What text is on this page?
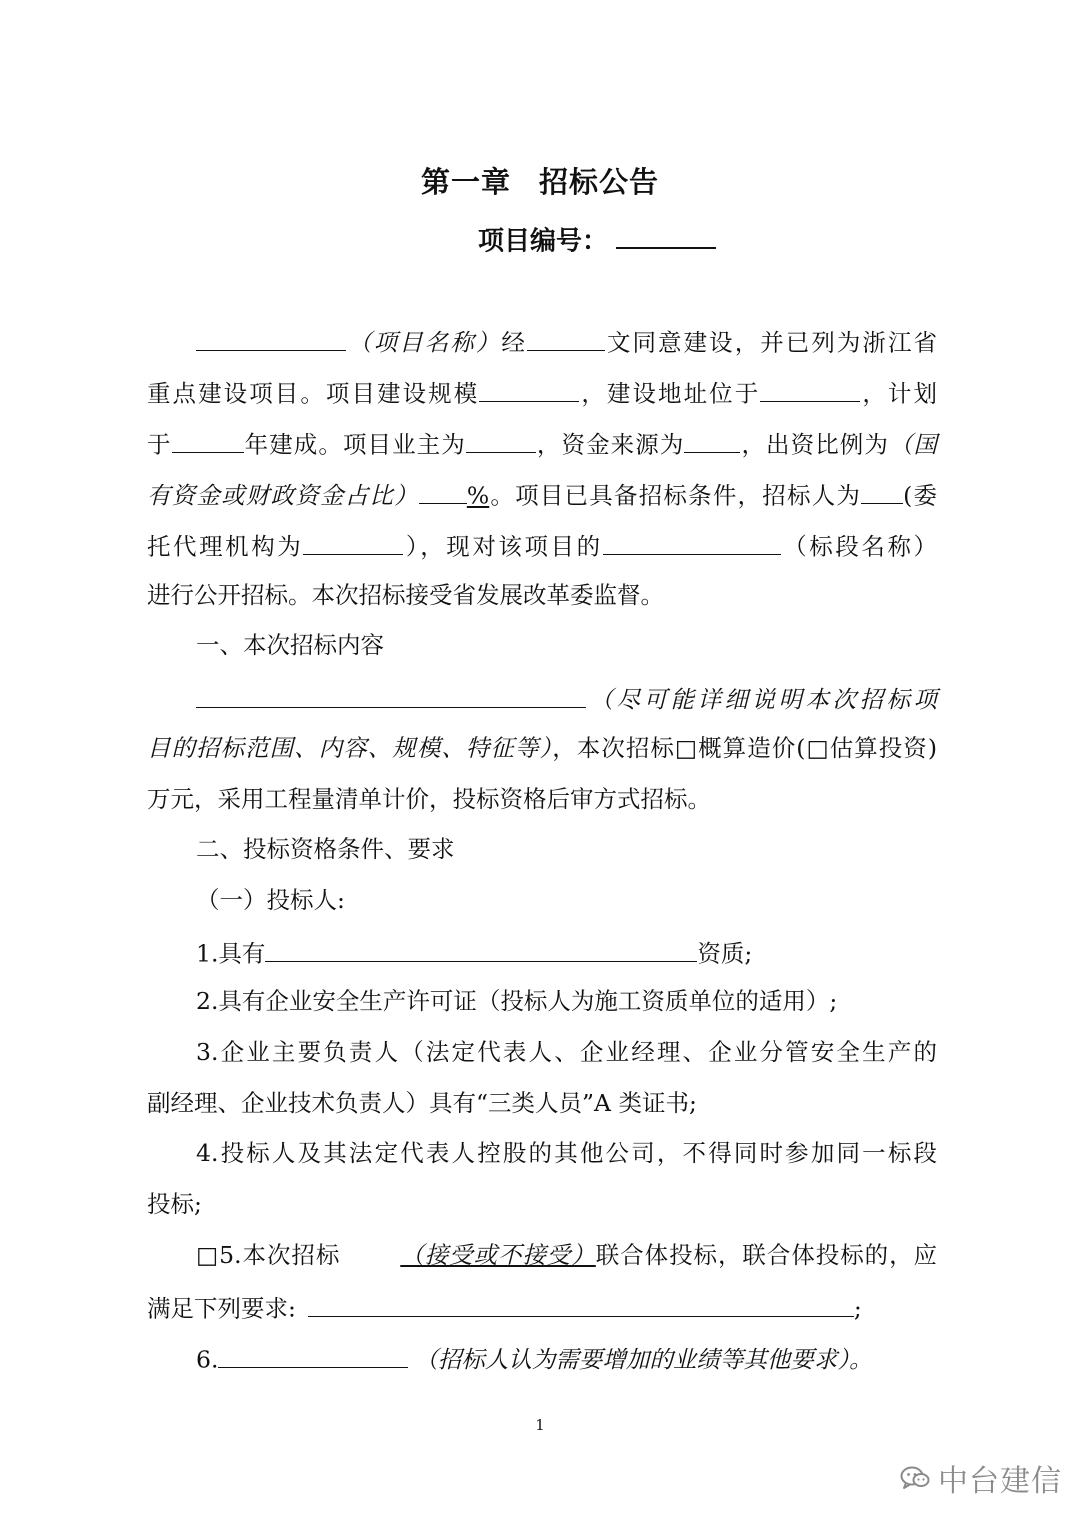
第一章 招标公告
项目编号：
（项目名称）经	文同意建设，并已列为浙江省
重点建设项目。项目建设规模	，建设地址位于	，计划
于	年建成。项目业主为	，资金来源为 ，出资比例为（国
有资金或财政资金占比） %。项目已具备招标条件，招标人为 (委
托代理机构为	），现对该项目的	（标段名称）
进行公开招标。本次招标接受省发展改革委监督。
一、本次招标内容
（尽可能详细说明本次招标项
目的招标范围、内容、规模、特征等），本次招标□概算造价(□估算投资)
万元，采用工程量清单计价，投标资格后审方式招标。
二、投标资格条件、要求
（一）投标人:
1.具有	资质;
2.具有企业安全生产许可证（投标人为施工资质单位的适用）;
3.企业主要负责人（法定代表人、企业经理、企业分管安全生产的
副经理、企业技术负责人）具有“三类人员”A 类证书;
4.投标人及其法定代表人控股的其他公司，不得同时参加同一标段
投标;
□5.本次招标	（接受或不接受）联合体投标，联合体投标的，应
满足下列要求:	;
6.	（招标人认为需要增加的业绩等其他要求）。
1
中台建信
